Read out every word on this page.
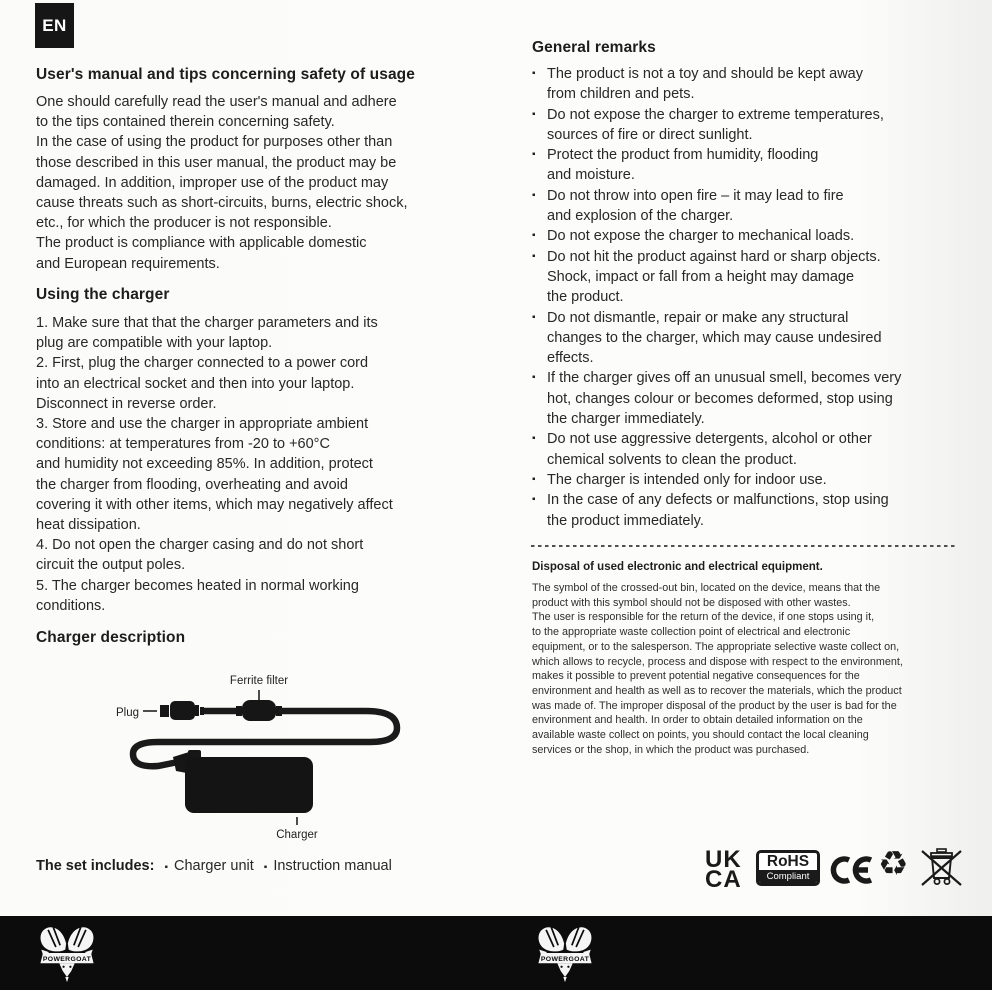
EN
User's manual and tips concerning safety of usage
One should carefully read the user's manual and adhere
to the tips contained therein concerning safety.
In the case of using the product for purposes other than
those described in this user manual, the product may be
damaged. In addition, improper use of the product may
cause threats such as short-circuits, burns, electric shock,
etc., for which the producer is not responsible.
The product is compliance with applicable domestic
and European requirements.
Using the charger
1. Make sure that that the charger parameters and its
plug are compatible with your laptop.
2. First, plug the charger connected to a power cord
into an electrical socket and then into your laptop.
Disconnect in reverse order.
3. Store and use the charger in appropriate ambient
conditions: at temperatures from -20 to +60°C
and humidity not exceeding 85%. In addition, protect
the charger from flooding, overheating and avoid
covering it with other items, which may negatively affect
heat dissipation.
4. Do not open the charger casing and do not short
circuit the output poles.
5. The charger becomes heated in normal working
conditions.
Charger description
Ferrite filter
Plug
Charger
The set includes: ▪ Charger unit ▪ Instruction manual
General remarks
▪ The product is not a toy and should be kept away
from children and pets.
▪ Do not expose the charger to extreme temperatures,
sources of fire or direct sunlight.
▪ Protect the product from humidity, flooding
and moisture.
▪ Do not throw into open fire – it may lead to fire
and explosion of the charger.
▪ Do not expose the charger to mechanical loads.
▪ Do not hit the product against hard or sharp objects.
Shock, impact or fall from a height may damage
the product.
▪ Do not dismantle, repair or make any structural
changes to the charger, which may cause undesired
effects.
▪ If the charger gives off an unusual smell, becomes very
hot, changes colour or becomes deformed, stop using
the charger immediately.
▪ Do not use aggressive detergents, alcohol or other
chemical solvents to clean the product.
▪ The charger is intended only for indoor use.
▪ In the case of any defects or malfunctions, stop using
the product immediately.
Disposal of used electronic and electrical equipment.
The symbol of the crossed-out bin, located on the device, means that the
product with this symbol should not be disposed with other wastes.
The user is responsible for the return of the device, if one stops using it,
to the appropriate waste collection point of electrical and electronic
equipment, or to the salesperson. The appropriate selective waste collect on,
which allows to recycle, process and dispose with respect to the environment,
makes it possible to prevent potential negative consequences for the
environment and health as well as to recover the materials, which the product
was made of. The improper disposal of the product by the user is bad for the
environment and health. In order to obtain detailed information on the
available waste collect on points, you should contact the local cleaning
services or the shop, in which the product was purchased.
UK
CA
RoHS
Compliant ♻
POWERGOAT	POWERGOAT
